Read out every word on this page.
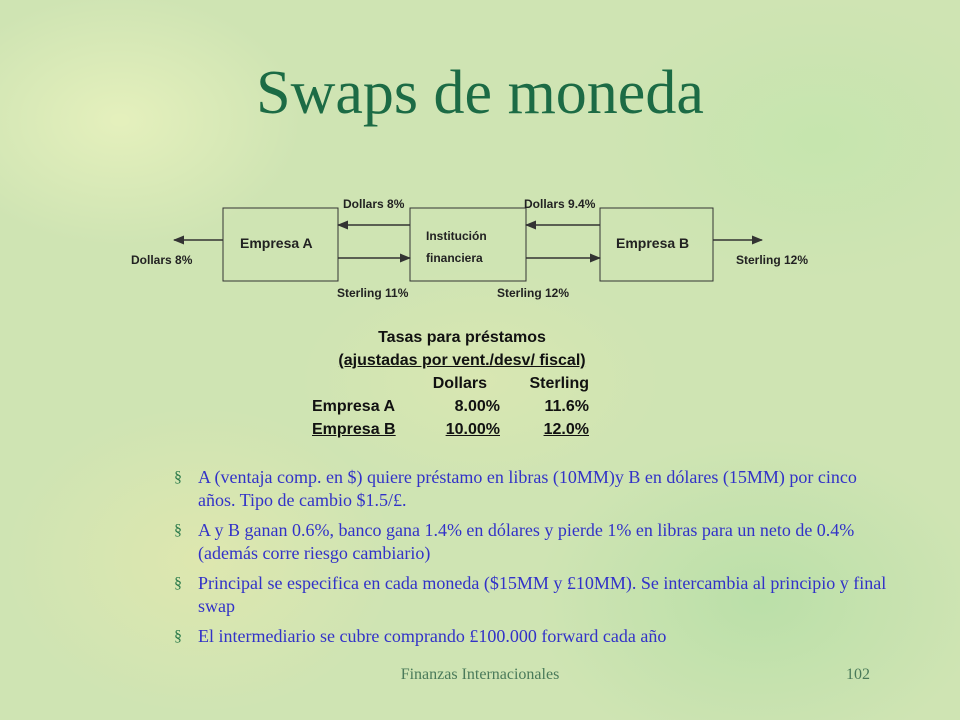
Swaps de moneda
Empresa A	Institución
financiera
Empresa B
Dollars 8%	Sterling 12%
Dollars 8%	Dollars 9.4%
Sterling 11%	Sterling 12%
Tasas para préstamos
(ajustadas por vent./desv/ fiscal)
Dollars	Sterling
Empresa A	8.00%	11.6%
Empresa B	10.00%	12.0%
§ A (ventaja comp. en $) quiere préstamo en libras (10MM)y B en dólares (15MM) por cinco años. Tipo de cambio $1.5/£.
§ A y B ganan 0.6%, banco gana 1.4% en dólares y pierde 1% en libras para un neto de 0.4% (además corre riesgo cambiario)
§ Principal se especifica en cada moneda ($15MM y £10MM). Se intercambia al principio y final swap
§ El intermediario se cubre comprando £100.000 forward cada año
Finanzas Internacionales	102
